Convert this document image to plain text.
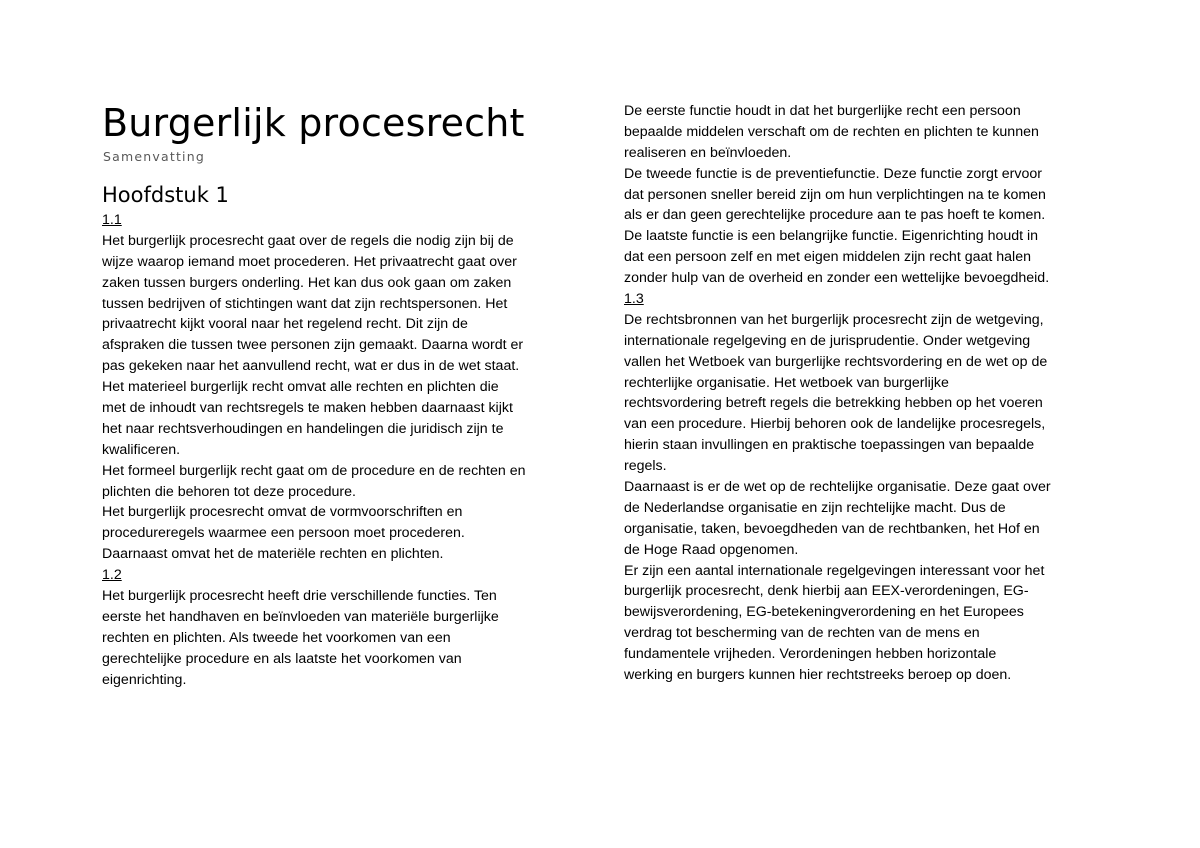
Burgerlijk procesrecht
Samenvatting
Hoofdstuk 1
1.1
Het burgerlijk procesrecht gaat over de regels die nodig zijn bij de
wijze waarop iemand moet procederen. Het privaatrecht gaat over
zaken tussen burgers onderling. Het kan dus ook gaan om zaken
tussen bedrijven of stichtingen want dat zijn rechtspersonen. Het
privaatrecht kijkt vooral naar het regelend recht. Dit zijn de
afspraken die tussen twee personen zijn gemaakt. Daarna wordt er
pas gekeken naar het aanvullend recht, wat er dus in de wet staat.
Het materieel burgerlijk recht omvat alle rechten en plichten die
met de inhoudt van rechtsregels te maken hebben daarnaast kijkt
het naar rechtsverhoudingen en handelingen die juridisch zijn te
kwalificeren.
Het formeel burgerlijk recht gaat om de procedure en de rechten en
plichten die behoren tot deze procedure.
Het burgerlijk procesrecht omvat de vormvoorschriften en
procedureregels waarmee een persoon moet procederen.
Daarnaast omvat het de materiële rechten en plichten.
1.2
Het burgerlijk procesrecht heeft drie verschillende functies. Ten
eerste het handhaven en beïnvloeden van materiële burgerlijke
rechten en plichten. Als tweede het voorkomen van een
gerechtelijke procedure en als laatste het voorkomen van
eigenrichting.
De eerste functie houdt in dat het burgerlijke recht een persoon
bepaalde middelen verschaft om de rechten en plichten te kunnen
realiseren en beïnvloeden.
De tweede functie is de preventiefunctie. Deze functie zorgt ervoor
dat personen sneller bereid zijn om hun verplichtingen na te komen
als er dan geen gerechtelijke procedure aan te pas hoeft te komen.
De laatste functie is een belangrijke functie. Eigenrichting houdt in
dat een persoon zelf en met eigen middelen zijn recht gaat halen
zonder hulp van de overheid en zonder een wettelijke bevoegdheid.
1.3
De rechtsbronnen van het burgerlijk procesrecht zijn de wetgeving,
internationale regelgeving en de jurisprudentie. Onder wetgeving
vallen het Wetboek van burgerlijke rechtsvordering en de wet op de
rechterlijke organisatie. Het wetboek van burgerlijke
rechtsvordering betreft regels die betrekking hebben op het voeren
van een procedure. Hierbij behoren ook de landelijke procesregels,
hierin staan invullingen en praktische toepassingen van bepaalde
regels.
Daarnaast is er de wet op de rechtelijke organisatie. Deze gaat over
de Nederlandse organisatie en zijn rechtelijke macht. Dus de
organisatie, taken, bevoegdheden van de rechtbanken, het Hof en
de Hoge Raad opgenomen.
Er zijn een aantal internationale regelgevingen interessant voor het
burgerlijk procesrecht, denk hierbij aan EEX-verordeningen, EG-
bewijsverordening, EG-betekeningverordening en het Europees
verdrag tot bescherming van de rechten van de mens en
fundamentele vrijheden. Verordeningen hebben horizontale
werking en burgers kunnen hier rechtstreeks beroep op doen.
